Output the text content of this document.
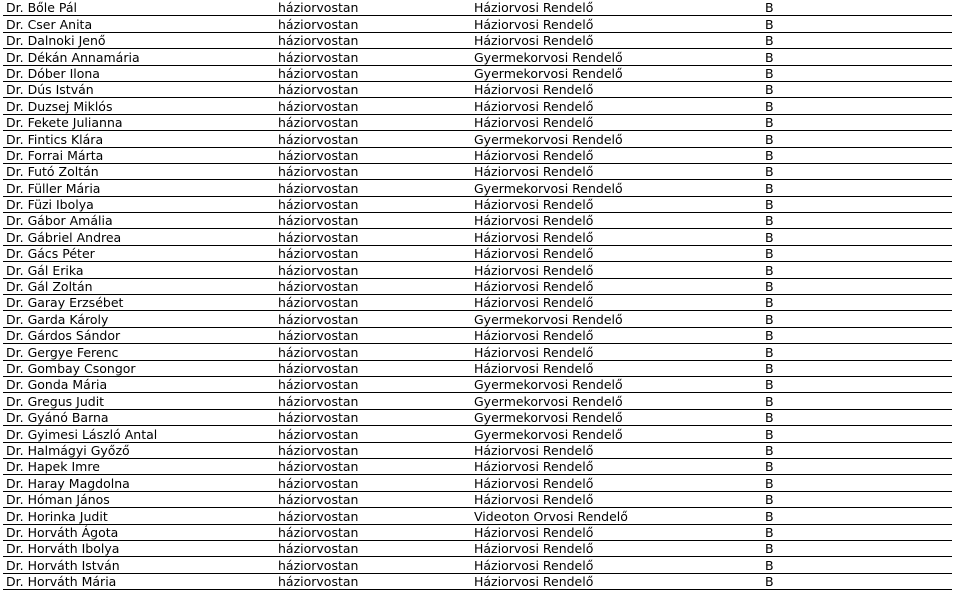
Dr. Bőle Pál	háziorvostan	Háziorvosi Rendelő	B
Dr. Cser Anita	háziorvostan	Háziorvosi Rendelő	B
Dr. Dalnoki Jenő	háziorvostan	Háziorvosi Rendelő	B
Dr. Dékán Annamária	háziorvostan	Gyermekorvosi Rendelő	B
Dr. Dóber Ilona	háziorvostan	Gyermekorvosi Rendelő	B
Dr. Dús István	háziorvostan	Háziorvosi Rendelő	B
Dr. Duzsej Miklós	háziorvostan	Háziorvosi Rendelő	B
Dr. Fekete Julianna	háziorvostan	Háziorvosi Rendelő	B
Dr. Fintics Klára	háziorvostan	Gyermekorvosi Rendelő	B
Dr. Forrai Márta	háziorvostan	Háziorvosi Rendelő	B
Dr. Futó Zoltán	háziorvostan	Háziorvosi Rendelő	B
Dr. Füller Mária	háziorvostan	Gyermekorvosi Rendelő	B
Dr. Füzi Ibolya	háziorvostan	Háziorvosi Rendelő	B
Dr. Gábor Amália	háziorvostan	Háziorvosi Rendelő	B
Dr. Gábriel Andrea	háziorvostan	Háziorvosi Rendelő	B
Dr. Gács Péter	háziorvostan	Háziorvosi Rendelő	B
Dr. Gál Erika	háziorvostan	Háziorvosi Rendelő	B
Dr. Gál Zoltán	háziorvostan	Háziorvosi Rendelő	B
Dr. Garay Erzsébet	háziorvostan	Háziorvosi Rendelő	B
Dr. Garda Károly	háziorvostan	Gyermekorvosi Rendelő	B
Dr. Gárdos Sándor	háziorvostan	Háziorvosi Rendelő	B
Dr. Gergye Ferenc	háziorvostan	Háziorvosi Rendelő	B
Dr. Gombay Csongor	háziorvostan	Háziorvosi Rendelő	B
Dr. Gonda Mária	háziorvostan	Gyermekorvosi Rendelő	B
Dr. Gregus Judit	háziorvostan	Gyermekorvosi Rendelő	B
Dr. Gyánó Barna	háziorvostan	Gyermekorvosi Rendelő	B
Dr. Gyimesi László Antal	háziorvostan	Gyermekorvosi Rendelő	B
Dr. Halmágyi Győző	háziorvostan	Háziorvosi Rendelő	B
Dr. Hapek Imre	háziorvostan	Háziorvosi Rendelő	B
Dr. Haray Magdolna	háziorvostan	Háziorvosi Rendelő	B
Dr. Hóman János	háziorvostan	Háziorvosi Rendelő	B
Dr. Horinka Judit	háziorvostan	Videoton Orvosi Rendelő	B
Dr. Horváth Ágota	háziorvostan	Háziorvosi Rendelő	B
Dr. Horváth Ibolya	háziorvostan	Háziorvosi Rendelő	B
Dr. Horváth István	háziorvostan	Háziorvosi Rendelő	B
Dr. Horváth Mária	háziorvostan	Háziorvosi Rendelő	B
